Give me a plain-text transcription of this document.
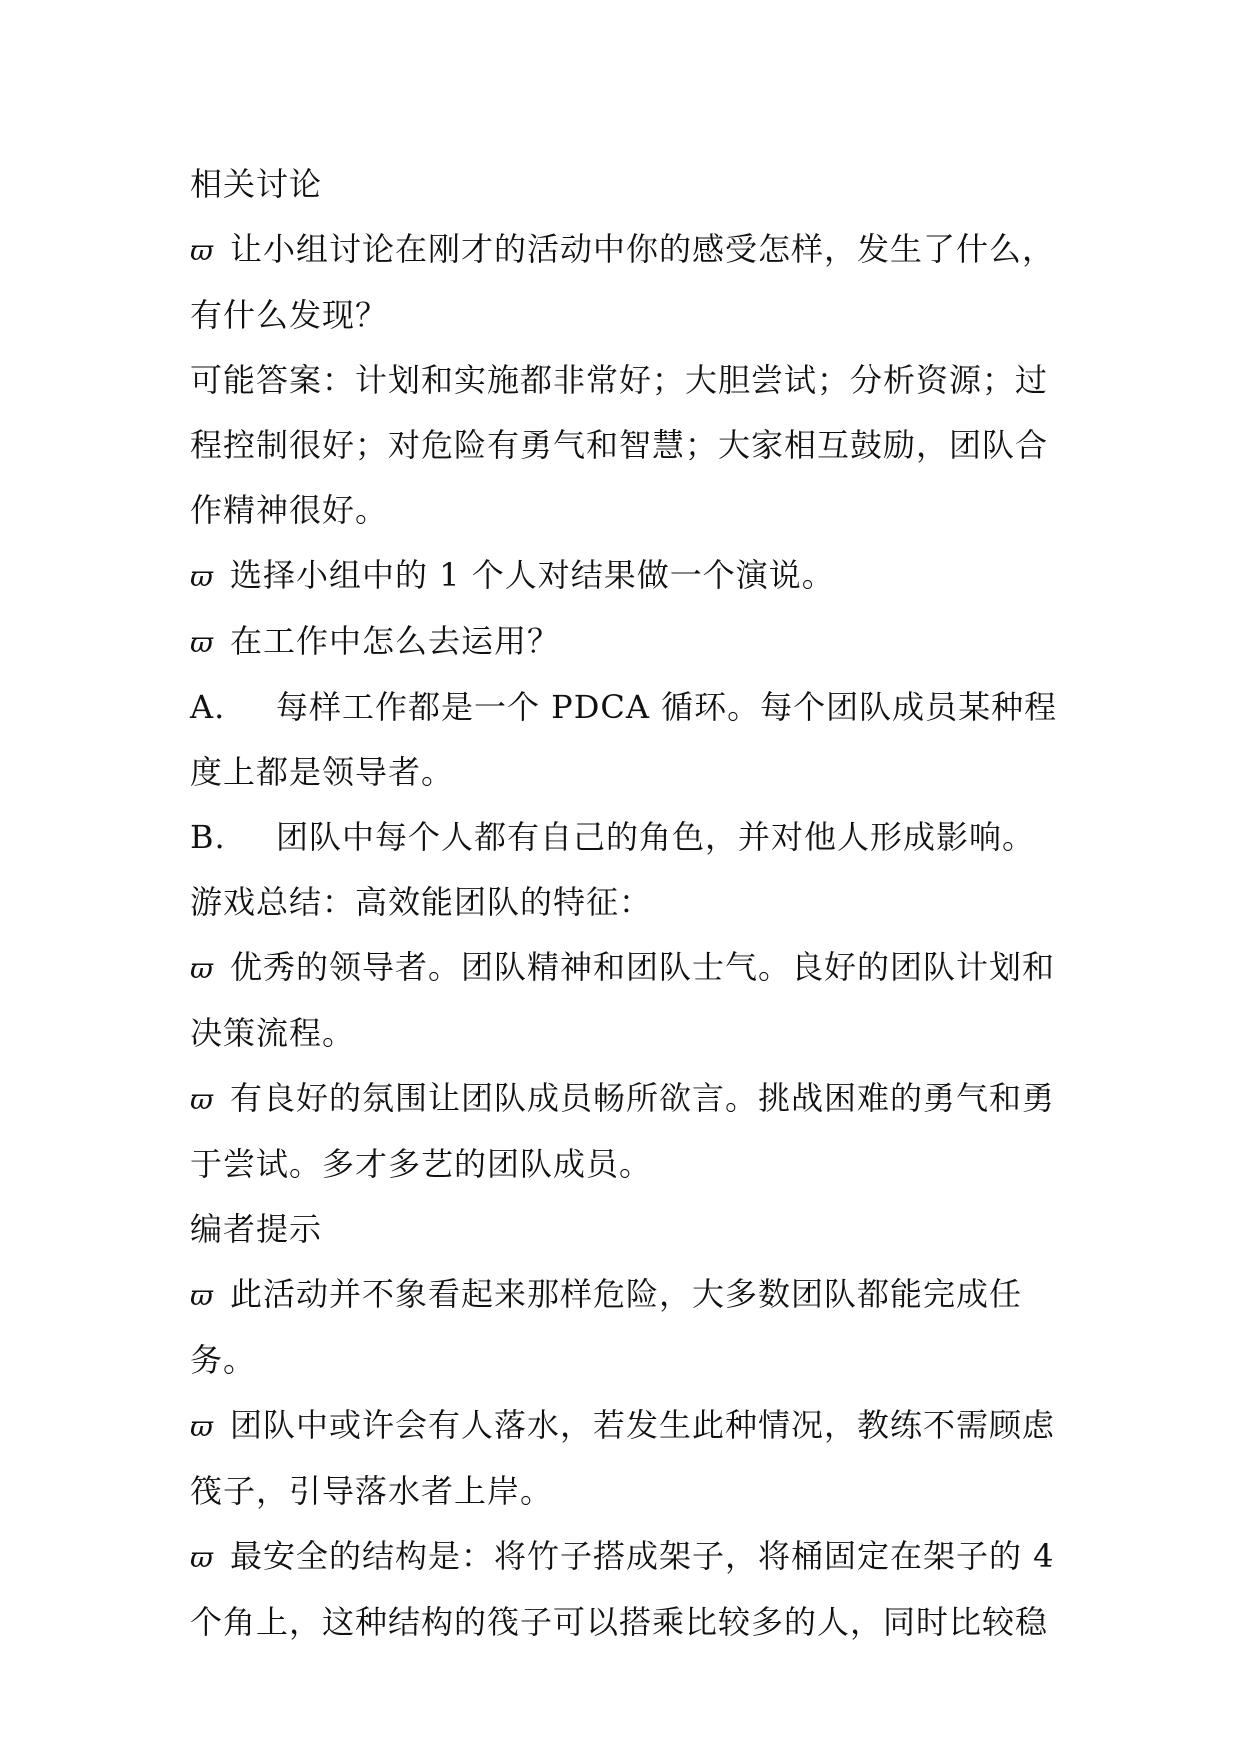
相关讨论

ϖ 让小组讨论在刚才的活动中你的感受怎样，发生了什么，

有什么发现？

可能答案：计划和实施都非常好；大胆尝试；分析资源；过

程控制很好；对危险有勇气和智慧；大家相互鼓励，团队合

作精神很好。

ϖ 选择小组中的 1 个人对结果做一个演说。

ϖ 在工作中怎么去运用？

A. 每样工作都是一个 PDCA 循环。每个团队成员某种程

度上都是领导者。

B. 团队中每个人都有自己的角色，并对他人形成影响。

游戏总结：高效能团队的特征：

ϖ 优秀的领导者。团队精神和团队士气。良好的团队计划和

决策流程。

ϖ 有良好的氛围让团队成员畅所欲言。挑战困难的勇气和勇

于尝试。多才多艺的团队成员。

编者提示

ϖ 此活动并不象看起来那样危险，大多数团队都能完成任务。

ϖ 团队中或许会有人落水，若发生此种情况，教练不需顾虑

筏子，引导落水者上岸。

ϖ 最安全的结构是：将竹子搭成架子，将桶固定在架子的 4

个角上，这种结构的筏子可以搭乘比较多的人，同时比较稳
